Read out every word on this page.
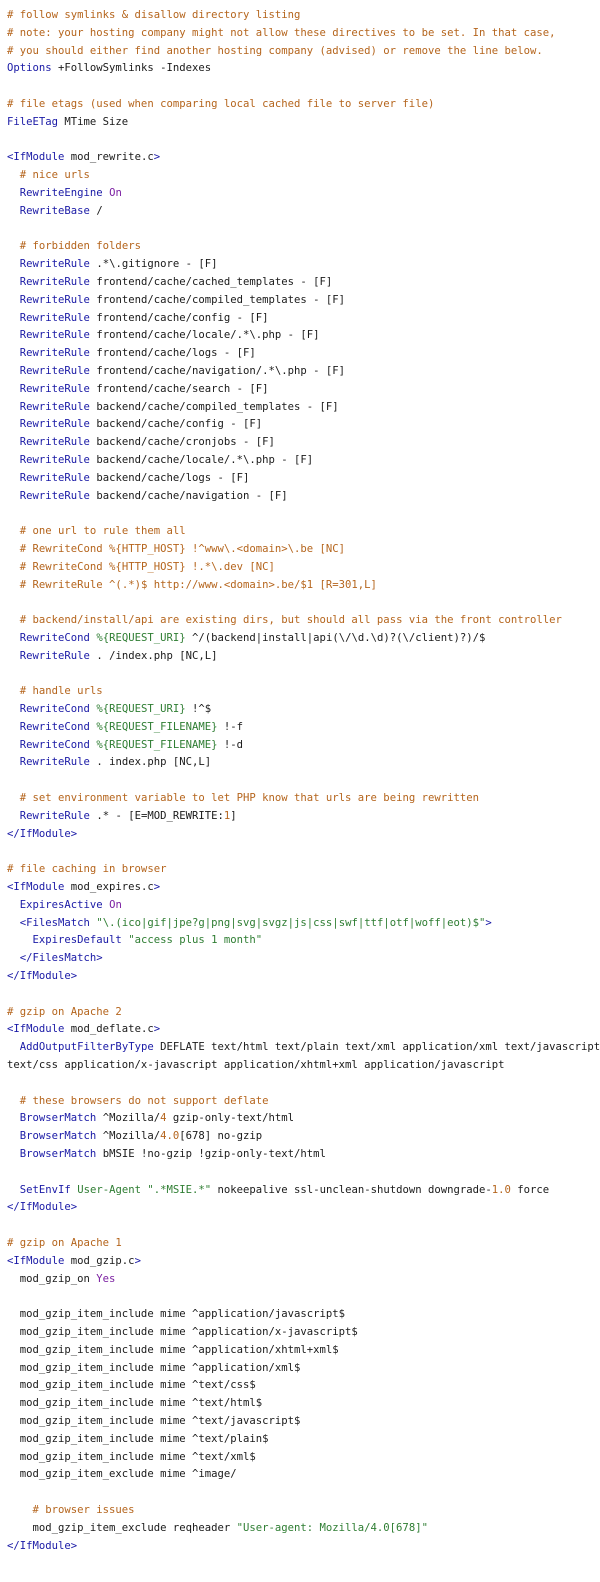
# follow symlinks & disallow directory listing
# note: your hosting company might not allow these directives to be set. In that case,
# you should either find another hosting company (advised) or remove the line below.
Options +FollowSymlinks -Indexes
# file etags (used when comparing local cached file to server file)
FileETag MTime Size
<IfModule mod_rewrite.c>
# nice urls
RewriteEngine On
RewriteBase /
# forbidden folders
RewriteRule .*\.gitignore - [F]
RewriteRule frontend/cache/cached_templates - [F]
RewriteRule frontend/cache/compiled_templates - [F]
RewriteRule frontend/cache/config - [F]
RewriteRule frontend/cache/locale/.*\.php - [F]
RewriteRule frontend/cache/logs - [F]
RewriteRule frontend/cache/navigation/.*\.php - [F]
RewriteRule frontend/cache/search - [F]
RewriteRule backend/cache/compiled_templates - [F]
RewriteRule backend/cache/config - [F]
RewriteRule backend/cache/cronjobs - [F]
RewriteRule backend/cache/locale/.*\.php - [F]
RewriteRule backend/cache/logs - [F]
RewriteRule backend/cache/navigation - [F]
# one url to rule them all
# RewriteCond %{HTTP_HOST} !^www\.<domain>\.be [NC]
# RewriteCond %{HTTP_HOST} !.*\.dev [NC]
# RewriteRule ^(.*)$ http://www.<domain>.be/$1 [R=301,L]
# backend/install/api are existing dirs, but should all pass via the front controller
RewriteCond %{REQUEST_URI} ^/(backend|install|api(\/\d.\d)?(\/client)?)/$
RewriteRule . /index.php [NC,L]
# handle urls
RewriteCond %{REQUEST_URI} !^$
RewriteCond %{REQUEST_FILENAME} !-f
RewriteCond %{REQUEST_FILENAME} !-d
RewriteRule . index.php [NC,L]
# set environment variable to let PHP know that urls are being rewritten
RewriteRule .* - [E=MOD_REWRITE:1]
</IfModule>
# file caching in browser
<IfModule mod_expires.c>
ExpiresActive On
<FilesMatch "\.(ico|gif|jpe?g|png|svg|svgz|js|css|swf|ttf|otf|woff|eot)$">
ExpiresDefault "access plus 1 month"
</FilesMatch>
</IfModule>
# gzip on Apache 2
<IfModule mod_deflate.c>
AddOutputFilterByType DEFLATE text/html text/plain text/xml application/xml text/javascript
text/css application/x-javascript application/xhtml+xml application/javascript
# these browsers do not support deflate
BrowserMatch ^Mozilla/4 gzip-only-text/html
BrowserMatch ^Mozilla/4.0[678] no-gzip
BrowserMatch bMSIE !no-gzip !gzip-only-text/html
SetEnvIf User-Agent ".*MSIE.*" nokeepalive ssl-unclean-shutdown downgrade-1.0 force
</IfModule>
# gzip on Apache 1
<IfModule mod_gzip.c>
mod_gzip_on Yes
mod_gzip_item_include mime ^application/javascript$
mod_gzip_item_include mime ^application/x-javascript$
mod_gzip_item_include mime ^application/xhtml+xml$
mod_gzip_item_include mime ^application/xml$
mod_gzip_item_include mime ^text/css$
mod_gzip_item_include mime ^text/html$
mod_gzip_item_include mime ^text/javascript$
mod_gzip_item_include mime ^text/plain$
mod_gzip_item_include mime ^text/xml$
mod_gzip_item_exclude mime ^image/
# browser issues
mod_gzip_item_exclude reqheader "User-agent: Mozilla/4.0[678]"
</IfModule>
